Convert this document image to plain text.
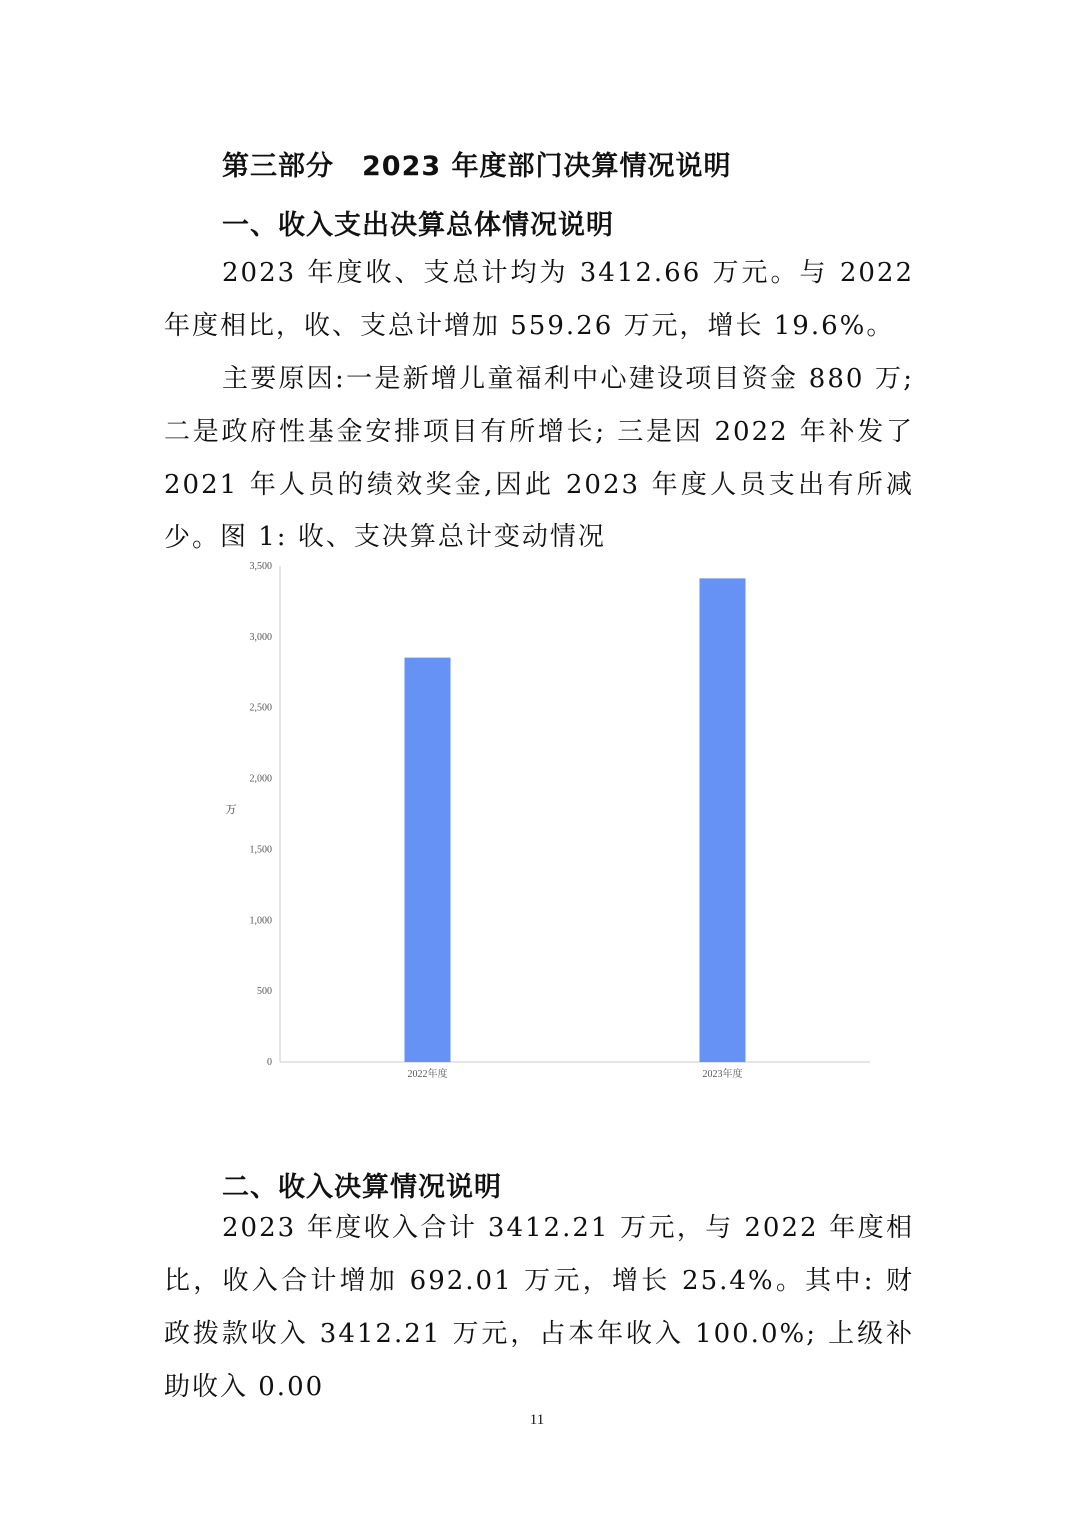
第三部分　2023 年度部门决算情况说明
一、收入支出决算总体情况说明
2023 年度收、支总计均为 3412.66 万元。与 2022 年度相比，收、支总计增加 559.26 万元，增长 19.6%。
主要原因:一是新增儿童福利中心建设项目资金 880 万;二是政府性基金安排项目有所增长; 三是因 2022 年补发了 2021 年人员的绩效奖金,因此 2023 年度人员支出有所减少。 图 1: 收、支决算总计变动情况
0
500
1,000
1,500
2,000
2,500
3,000
3,500
2022年度	2023年度
万
二、收入决算情况说明
2023 年度收入合计 3412.21 万元，与 2022 年度相比，收入合计增加 692.01 万元，增长 25.4%。其中: 财政拨款收入 3412.21 万元，占本年收入 100.0%; 上级补助收入 0.00
11
